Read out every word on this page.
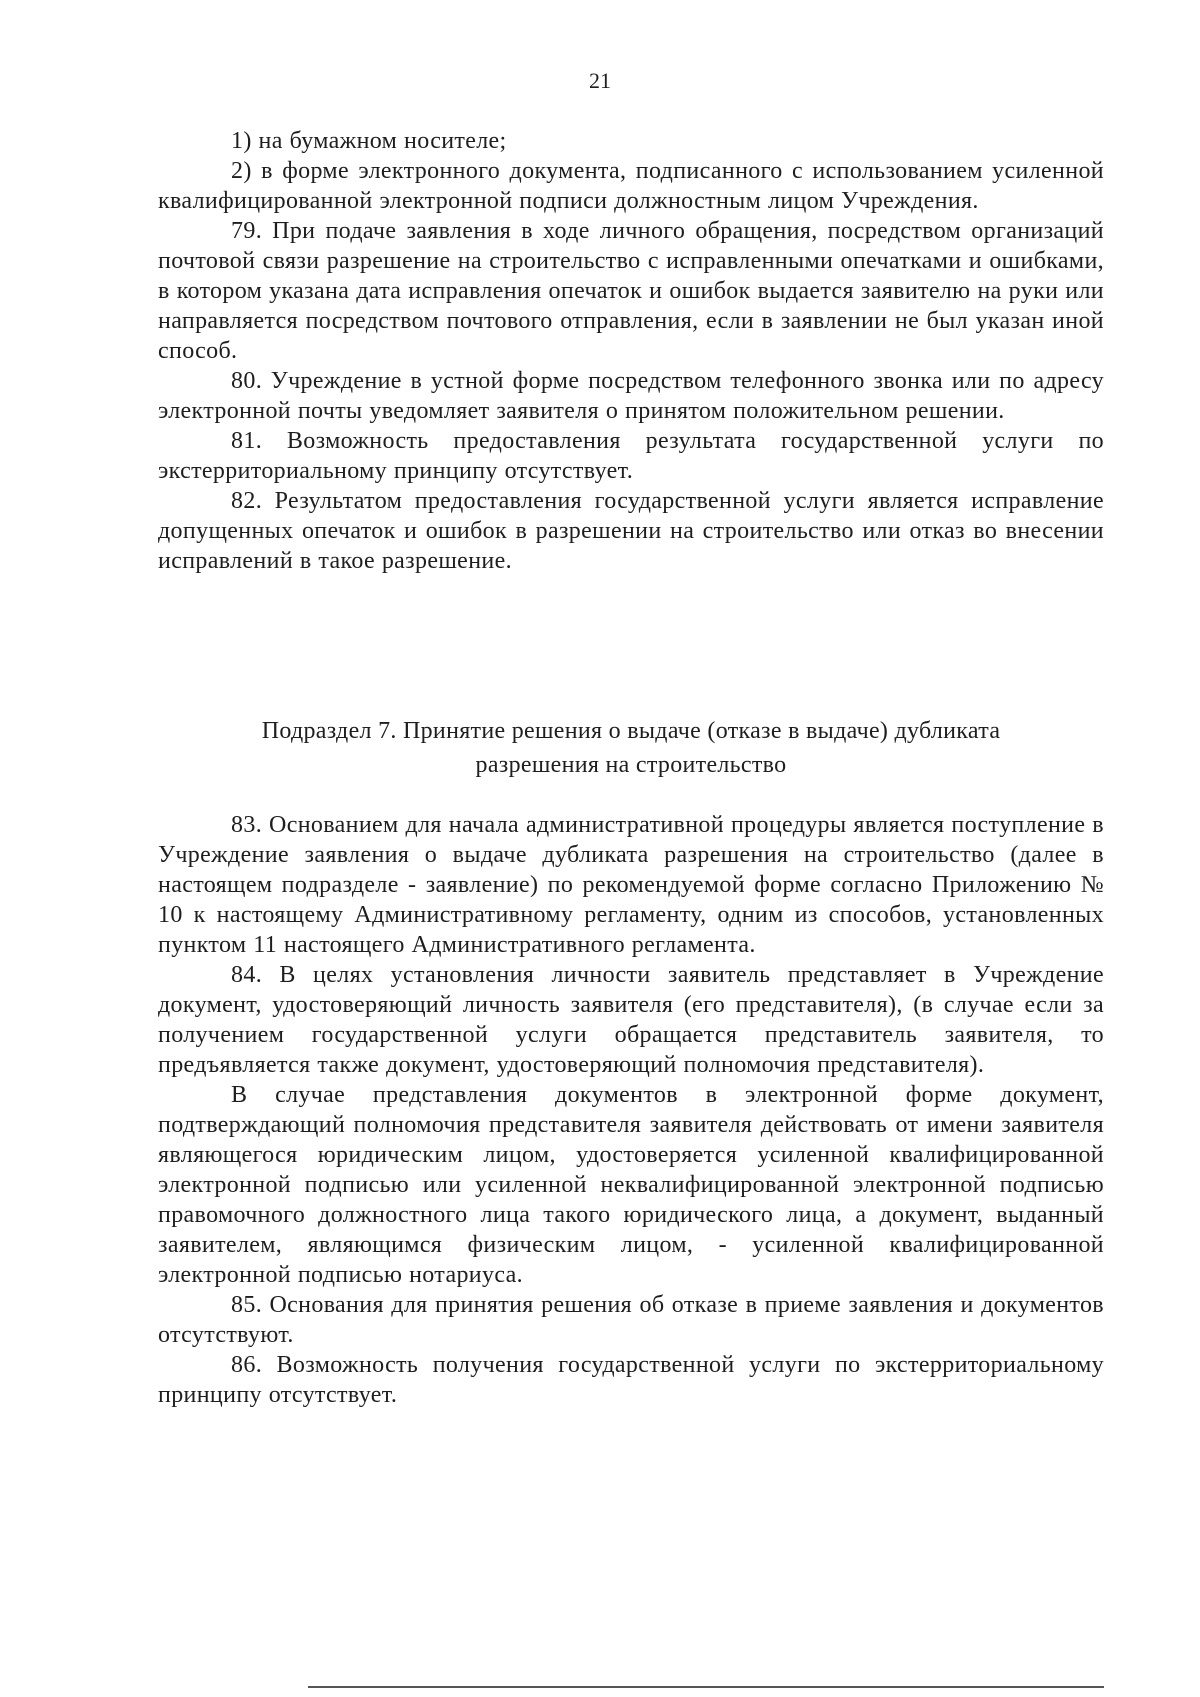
21

1) на бумажном носителе;

2) в форме электронного документа, подписанного с использованием усиленной квалифицированной электронной подписи должностным лицом Учреждения.

79. При подаче заявления в ходе личного обращения, посредством организаций почтовой связи разрешение на строительство с исправленными опечатками и ошибками, в котором указана дата исправления опечаток и ошибок выдается заявителю на руки или направляется посредством почтового отправления, если в заявлении не был указан иной способ.

80. Учреждение в устной форме посредством телефонного звонка или по адресу электронной почты уведомляет заявителя о принятом положительном решении.

81. Возможность предоставления результата государственной услуги по экстерриториальному принципу отсутствует.

82. Результатом предоставления государственной услуги является исправление допущенных опечаток и ошибок в разрешении на строительство или отказ во внесении исправлений в такое разрешение.

Подраздел 7. Принятие решения о выдаче (отказе в выдаче) дубликата
разрешения на строительство

83. Основанием для начала административной процедуры является поступление в Учреждение заявления о выдаче дубликата разрешения на строительство (далее в настоящем подразделе - заявление) по рекомендуемой форме согласно Приложению № 10 к настоящему Административному регламенту, одним из способов, установленных пунктом 11 настоящего Административного регламента.

84. В целях установления личности заявитель представляет в Учреждение документ, удостоверяющий личность заявителя (его представителя), (в случае если за получением государственной услуги обращается представитель заявителя, то предъявляется также документ, удостоверяющий полномочия представителя).

В случае представления документов в электронной форме документ, подтверждающий полномочия представителя заявителя действовать от имени заявителя являющегося юридическим лицом, удостоверяется усиленной квалифицированной электронной подписью или усиленной неквалифицированной электронной подписью правомочного должностного лица такого юридического лица, а документ, выданный заявителем, являющимся физическим лицом, - усиленной квалифицированной электронной подписью нотариуса.

85. Основания для принятия решения об отказе в приеме заявления и документов отсутствуют.

86. Возможность получения государственной услуги по экстерриториальному принципу отсутствует.
